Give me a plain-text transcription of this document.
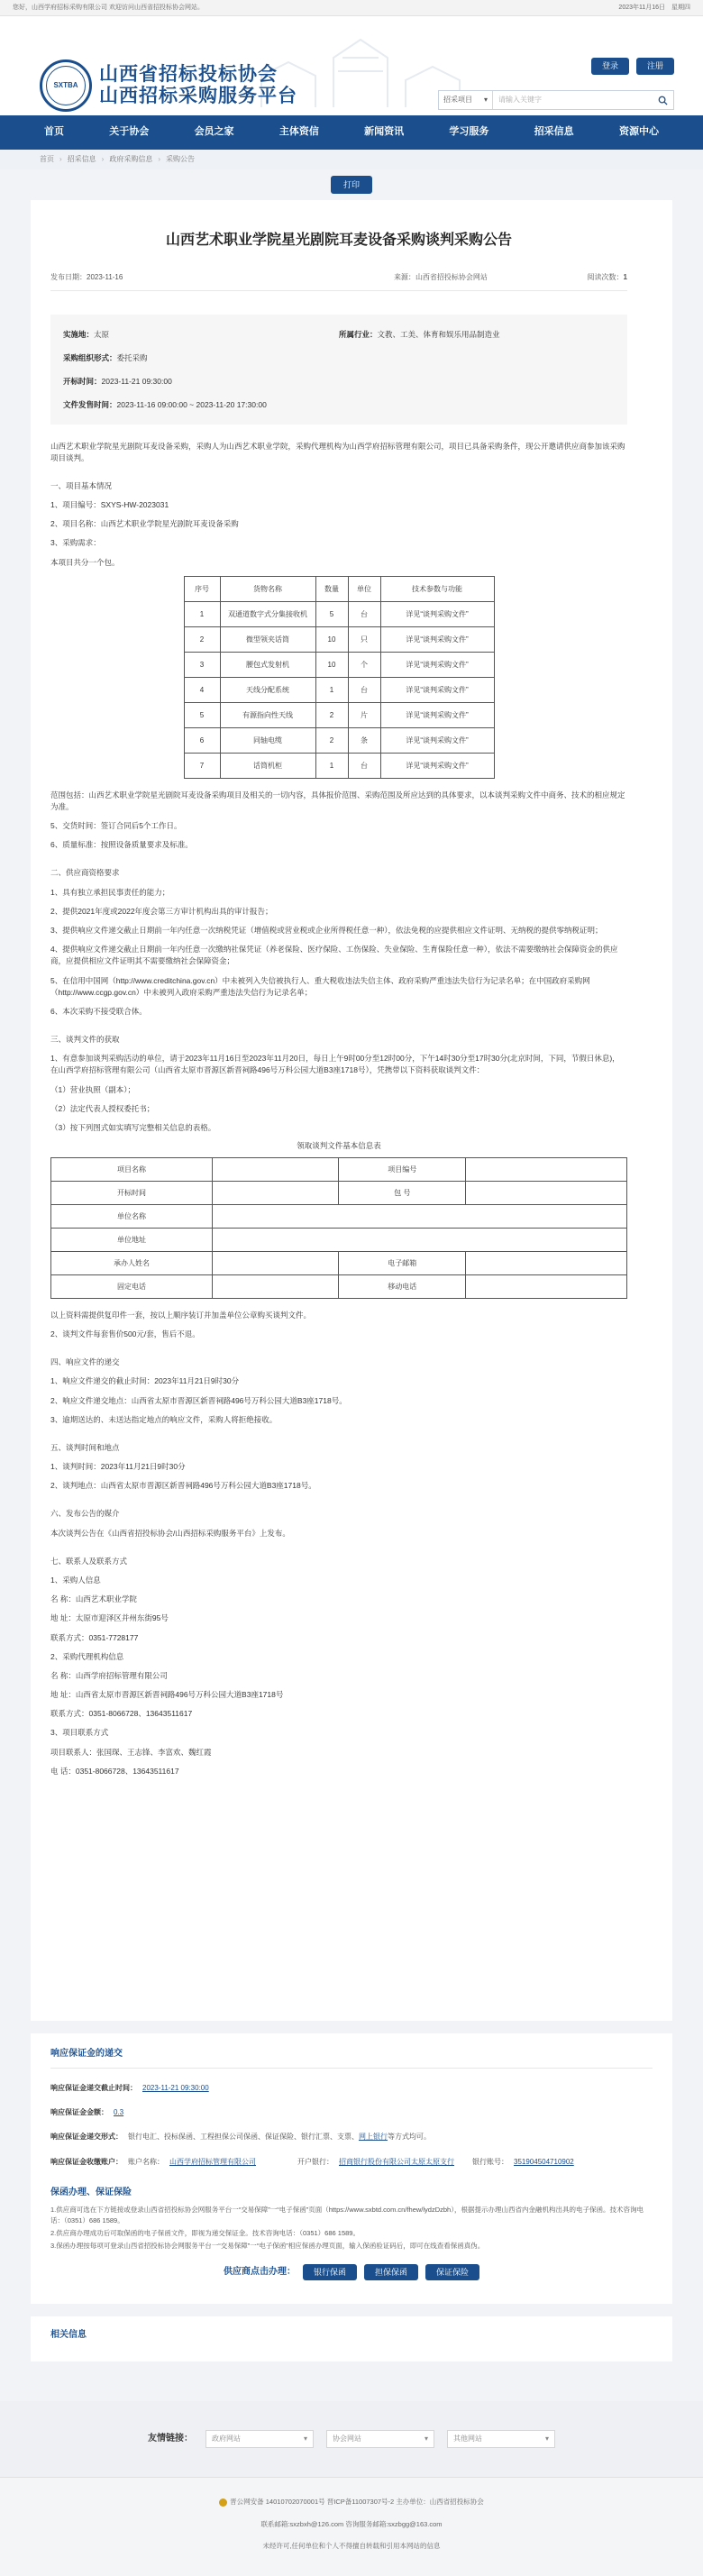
您好，山西学府招标采购有限公司 欢迎访问山西省招投标协会网站。	2023年11月16日 星期四
SXTBA
山西省招标投标协会
山西招标采购服务平台
登录	注册
招采项目 ▾	请输入关键字
首页	关于协会	会员之家	主体资信	新闻资讯	学习服务	招采信息	资源中心
首页 › 招采信息 › 政府采购信息 › 采购公告
打印
山西艺术职业学院星光剧院耳麦设备采购谈判采购公告
发布日期：2023-11-16	来源：山西省招投标协会网站	阅读次数：1
实施地：太原	所属行业：文教、工美、体育和娱乐用品制造业
采购组织形式：委托采购
开标时间：2023-11-21 09:30:00
文件发售时间：2023-11-16 09:00:00 ~ 2023-11-20 17:30:00

山西艺术职业学院星光剧院耳麦设备采购，采购人为山西艺术职业学院，采购代理机构为山西学府招标管理有限公司，项目已具备采购条件，现公开邀请供应商参加该采购项目谈判。

一、项目基本情况

1、项目编号：SXYS-HW-2023031

2、项目名称：山西艺术职业学院星光剧院耳麦设备采购

3、采购需求：

本项目共分一个包。

序号	货物名称	数量	单位	技术参数与功能
1	双通道数字式分集接收机	5	台	详见“谈判采购文件”
2	微型领夹话筒	10	只	详见“谈判采购文件”
3	腰包式发射机	10	个	详见“谈判采购文件”
4	天线分配系统	1	台	详见“谈判采购文件”
5	有源指向性天线	2	片	详见“谈判采购文件”
6	同轴电缆	2	条	详见“谈判采购文件”
7	话筒机柜	1	台	详见“谈判采购文件”

范围包括：山西艺术职业学院星光剧院耳麦设备采购项目及相关的一切内容，具体报价范围、采购范围及所应达到的具体要求，以本谈判采购文件中商务、技术的相应规定为准。

5、交货时间：签订合同后5个工作日。

6、质量标准：按照设备质量要求及标准。

二、供应商资格要求

1、具有独立承担民事责任的能力；

2、提供2021年度或2022年度会第三方审计机构出具的审计报告；

3、提供响应文件递交截止日期前一年内任意一次纳税凭证（增值税或营业税或企业所得税任意一种），依法免税的应提供相应文件证明、无纳税的提供零纳税证明；

4、提供响应文件递交截止日期前一年内任意一次缴纳社保凭证（养老保险、医疗保险、工伤保险、失业保险、生育保险任意一种），依法不需要缴纳社会保障资金的供应商，应提供相应文件证明其不需要缴纳社会保障资金；

5、在信用中国网（http://www.creditchina.gov.cn）中未被列入失信被执行人、重大税收违法失信主体、政府采购严重违法失信行为记录名单；在中国政府采购网（http://www.ccgp.gov.cn）中未被列入政府采购严重违法失信行为记录名单；

6、本次采购不接受联合体。

三、谈判文件的获取

1、有意参加谈判采购活动的单位，请于2023年11月16日至2023年11月20日，每日上午9时00分至12时00分，下午14时30分至17时30分(北京时间，下同，节假日休息)，在山西学府招标管理有限公司（山西省太原市晋源区新晋祠路496号万科公园大道B3座1718号），凭携带以下资料获取谈判文件：

（1）营业执照（副本）；

（2）法定代表人授权委托书；

（3）按下列图式如实填写完整相关信息的表格。

领取谈判文件基本信息表
项目名称		项目编号	
开标时间		包 号	
单位名称			
单位地址			
承办人姓名		电子邮箱	
固定电话		移动电话	

以上资料需提供复印件一套，按以上顺序装订并加盖单位公章购买谈判文件。

2、谈判文件每套售价500元/套，售后不退。

四、响应文件的递交

1、响应文件递交的截止时间：2023年11月21日9时30分

2、响应文件递交地点：山西省太原市晋源区新晋祠路496号万科公园大道B3座1718号。

3、逾期送达的、未送达指定地点的响应文件，采购人将拒绝接收。

五、谈判时间和地点

1、谈判时间：2023年11月21日9时30分

2、谈判地点：山西省太原市晋源区新晋祠路496号万科公园大道B3座1718号。

六、发布公告的媒介

本次谈判公告在《山西省招投标协会/山西招标采购服务平台》上发布。

七、联系人及联系方式

1、采购人信息

名 称：山西艺术职业学院

地 址：太原市迎泽区并州东街95号

联系方式：0351-7728177

2、采购代理机构信息

名 称：山西学府招标管理有限公司

地 址：山西省太原市晋源区新晋祠路496号万科公园大道B3座1718号

联系方式：0351-8066728、13643511617

3、项目联系方式

项目联系人：张国琛、王志锋、李富欢、魏红霞

电 话：0351-8066728、13643511617

响应保证金的递交
响应保证金递交截止时间： 2023-11-21 09:30:00
响应保证金金额： 0.3
响应保证金递交形式： 银行电汇、投标保函、工程担保公司保函、保证保险、银行汇票、支票、网上银行等方式均可。
响应保证金收缴账户： 账户名称： 山西学府招标管理有限公司	开户银行： 招商银行股份有限公司太原太原支行	银行账号： 351904504710902
保函办理、保证保险
1.供应商可选在下方链接或登录山西省招投标协会网服务平台一“交易保障”一“电子保函”页面（https://www.sxbtd.com.cn/fhew/lydzDzbh），根据提示办理山西省内金融机构出具的电子保函。技术咨询电话：（0351）686 1589。
2.供应商办理成功后可取保函的电子保函文件，即视为递交保证金。技术咨询电话：（0351）686 1589。
3.保函办理按每项可登录山西省招投标协会网服务平台一“交易保障”一“电子保函”相应保函办理页面，输入保函验证码后，即可在线查看保函真伪。
供应商点击办理：	银行保函	担保保函	保证保险
相关信息
友情链接：	政府网站	▾	协会网站	▾	其他网站	▾
晋公网安备 14010702070001号 晋ICP备11007307号-2 主办单位：山西省招投标协会
联系邮箱:sxzbxh@126.com 咨询服务邮箱:sxzbgg@163.com
未经许可,任何单位和个人不得擅自转载和引用本网站的信息
